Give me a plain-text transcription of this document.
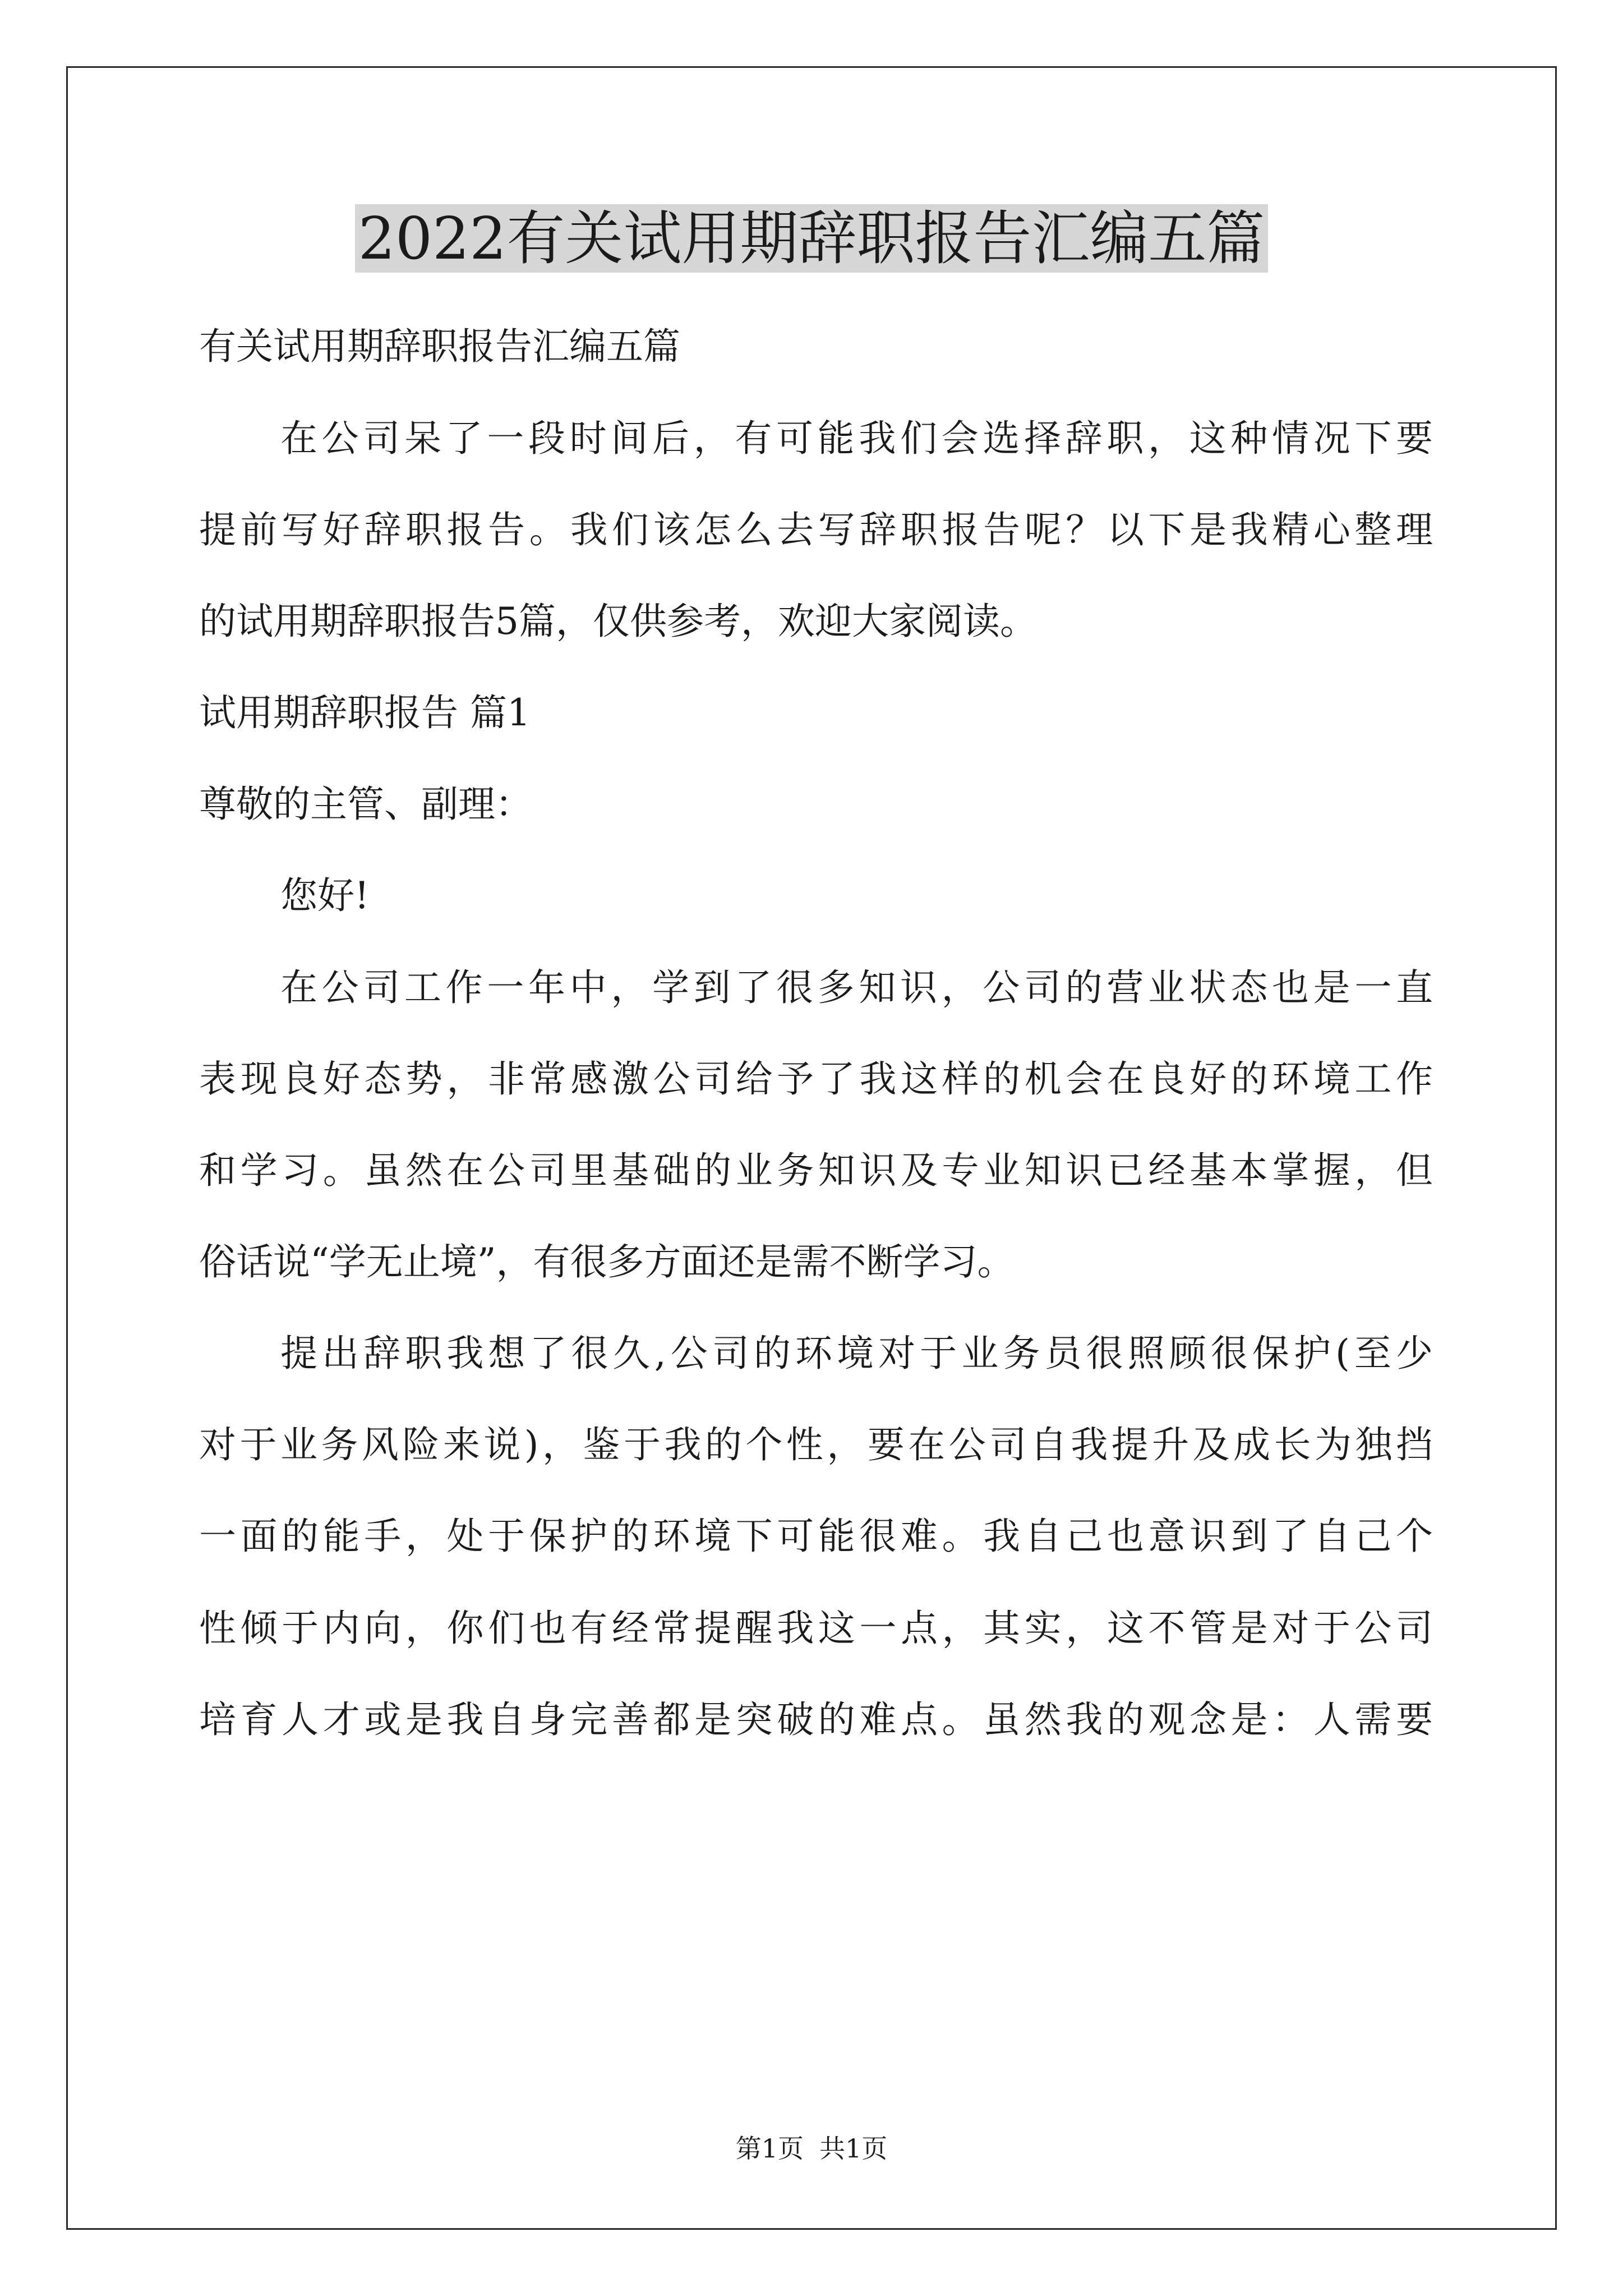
2022有关试用期辞职报告汇编五篇

有关试用期辞职报告汇编五篇

在公司呆了一段时间后，有可能我们会选择辞职，这种情况下要

提前写好辞职报告。我们该怎么去写辞职报告呢？以下是我精心整理

的试用期辞职报告5篇，仅供参考，欢迎大家阅读。

试用期辞职报告 篇1

尊敬的主管、副理：

您好!

在公司工作一年中，学到了很多知识，公司的营业状态也是一直

表现良好态势，非常感激公司给予了我这样的机会在良好的环境工作

和学习。虽然在公司里基础的业务知识及专业知识已经基本掌握，但

俗话说“学无止境”，有很多方面还是需不断学习。

提出辞职我想了很久,公司的环境对于业务员很照顾很保护(至少

对于业务风险来说)，鉴于我的个性，要在公司自我提升及成长为独挡

一面的能手，处于保护的环境下可能很难。我自己也意识到了自己个

性倾于内向，你们也有经常提醒我这一点，其实，这不管是对于公司

培育人才或是我自身完善都是突破的难点。虽然我的观念是：人需要

第1页 共1页
